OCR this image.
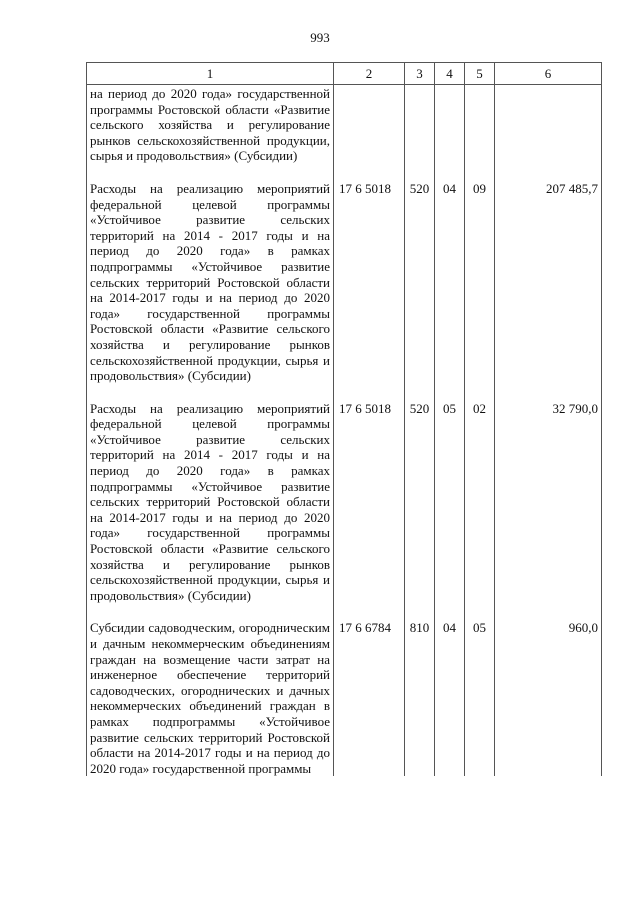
993
1	2	3	4	5	6
на период до 2020 года» государственной программы Ростовской области «Развитие сельского хозяйства и регулирование рынков сельскохозяйственной продукции, сырья и продовольствия» (Субсидии)					

Расходы на реализацию мероприятий федеральной целевой программы «Устойчивое развитие сельских территорий на 2014 - 2017 годы и на период до 2020 года» в рамках подпрограммы «Устойчивое развитие сельских территорий Ростовской области на 2014-2017 годы и на период до 2020 года» государственной программы Ростовской области «Развитие сельского хозяйства и регулирование рынков сельскохозяйственной продукции, сырья и продовольствия» (Субсидии)	17 6 5018	520	04	09	207 485,7

Расходы на реализацию мероприятий федеральной целевой программы «Устойчивое развитие сельских территорий на 2014 - 2017 годы и на период до 2020 года» в рамках подпрограммы «Устойчивое развитие сельских территорий Ростовской области на 2014-2017 годы и на период до 2020 года» государственной программы Ростовской области «Развитие сельского хозяйства и регулирование рынков сельскохозяйственной продукции, сырья и продовольствия» (Субсидии)	17 6 5018	520	05	02	32 790,0

Субсидии садоводческим, огородническим и дачным некоммерческим объединениям граждан на возмещение части затрат на инженерное обеспечение территорий садоводческих, огороднических и дачных некоммерческих объединений граждан в рамках подпрограммы «Устойчивое развитие сельских территорий Ростовской области на 2014-2017 годы и на период до 2020 года» государственной программы	17 6 6784	810	04	05	960,0
